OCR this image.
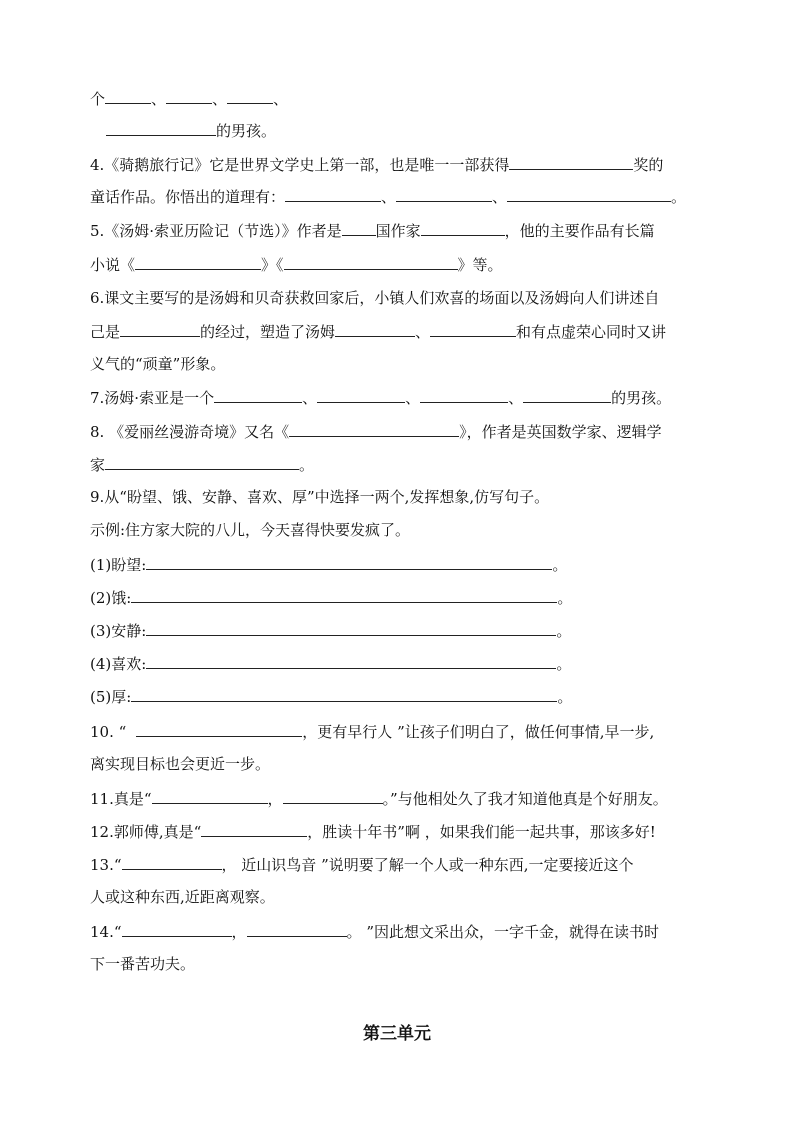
个	、	、	、
的男孩。
4.《骑鹅旅行记》它是世界文学史上第一部，也是唯一一部获得	奖的
童话作品。你悟出的道理有：	、	、	。
5.《汤姆·索亚历险记（节选）》作者是 国作家	，他的主要作品有长篇
小说《	》《	》等。
6.课文主要写的是汤姆和贝奇获救回家后，小镇人们欢喜的场面以及汤姆向人们讲述自
己是	的经过，塑造了汤姆	、	和有点虚荣心同时又讲
义气的“顽童”形象。
7.汤姆·索亚是一个	、	、	、	的男孩。
8. 《爱丽丝漫游奇境》又名《	》，作者是英国数学家、逻辑学
家	。
9.从“盼望、饿、安静、喜欢、厚”中选择一两个,发挥想象,仿写句子。
示例:住方家大院的八儿，今天喜得快要发疯了。
(1)盼望:	。
(2)饿:	。
(3)安静:	。
(4)喜欢:	。
(5)厚:	。
10. “	，更有早行人 ”让孩子们明白了，做任何事情,早一步,
离实现目标也会更近一步。
11.真是“	，	。”与他相处久了我才知道他真是个好朋友。
12.郭师傅,真是“	，胜读十年书”啊 ，如果我们能一起共事，那该多好!
13.“	， 近山识鸟音 ”说明要了解一个人或一种东西,一定要接近这个
人或这种东西,近距离观察。
14.“	，	。 ”因此想文采出众，一字千金，就得在读书时
下一番苦功夫。
第三单元
